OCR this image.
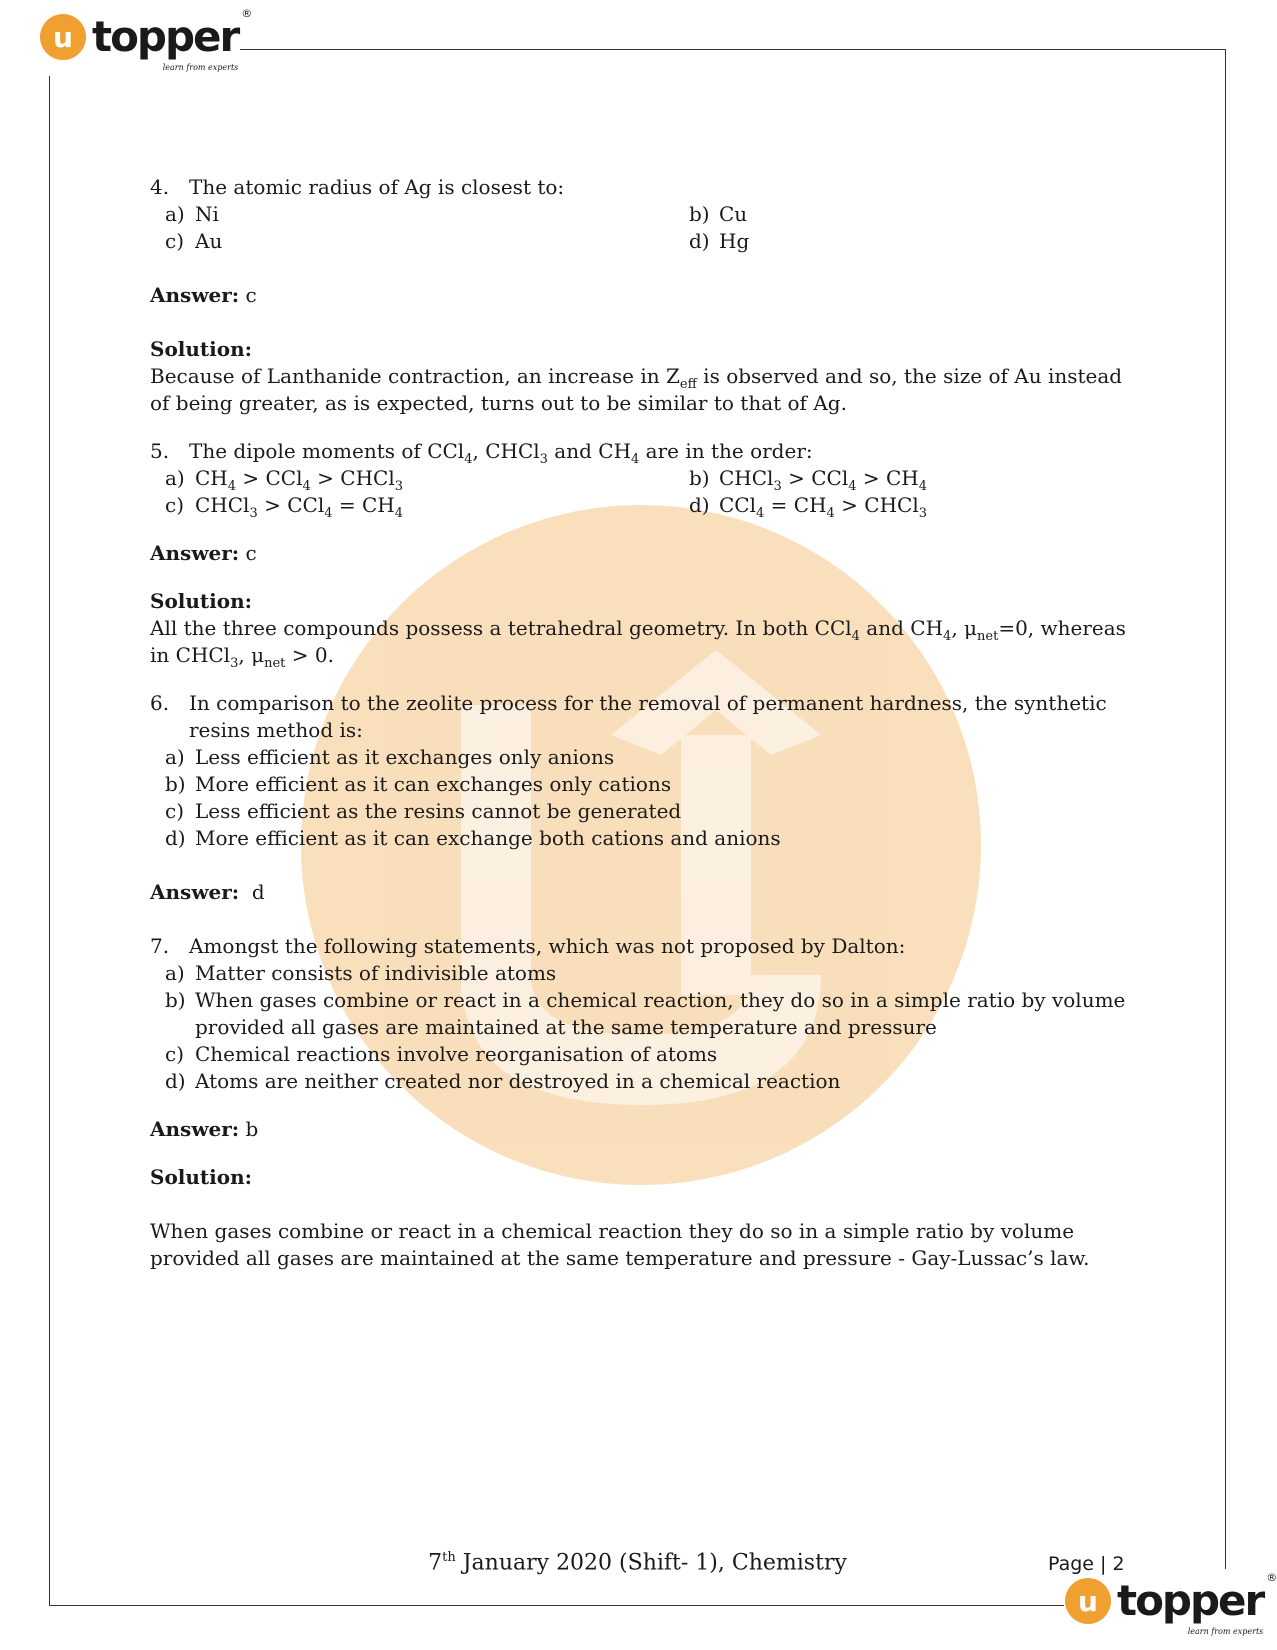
u topper ®
learn from experts
4. The atomic radius of Ag is closest to:
a) Ni	b) Cu
c) Au	d) Hg
Answer: c
Solution:
Because of Lanthanide contraction, an increase in $Z_{eff}$ is observed and so, the size of Au instead of being greater, as is expected, turns out to be similar to that of Ag.
5. The dipole moments of CCl$_4$, CHCl$_3$ and $CH_4$ are in the order:
a) $CH_4 > CCl_4$ > CHCl$_3$	b) CHCl$_3$ > $CCl_4 > CH_4$
c) CHCl$_3$ > $CCl_4 = CH_4$	d) $CCl_4 = CH_4$ > CHCl$_3$
Answer: c
Solution:
All the three compounds possess a tetrahedral geometry. In both CCl$_4$ and $CH_4$, $\mu_{net}=0$, whereas in CHCl$_3$, $\mu_{net} > 0$.
6. In comparison to the zeolite process for the removal of permanent hardness, the synthetic resins method is:
a) Less efficient as it exchanges only anions
b) More efficient as it can exchanges only cations
c) Less efficient as the resins cannot be generated
d) More efficient as it can exchange both cations and anions
Answer: d
7. Amongst the following statements, which was not proposed by Dalton:
a) Matter consists of indivisible atoms
b) When gases combine or react in a chemical reaction, they do so in a simple ratio by volume provided all gases are maintained at the same temperature and pressure
c) Chemical reactions involve reorganisation of atoms
d) Atoms are neither created nor destroyed in a chemical reaction
Answer: b
Solution:
When gases combine or react in a chemical reaction they do so in a simple ratio by volume provided all gases are maintained at the same temperature and pressure - Gay-Lussac’s law.
7th January 2020 (Shift- 1), Chemistry	Page | 2
u topper ®
learn from experts
